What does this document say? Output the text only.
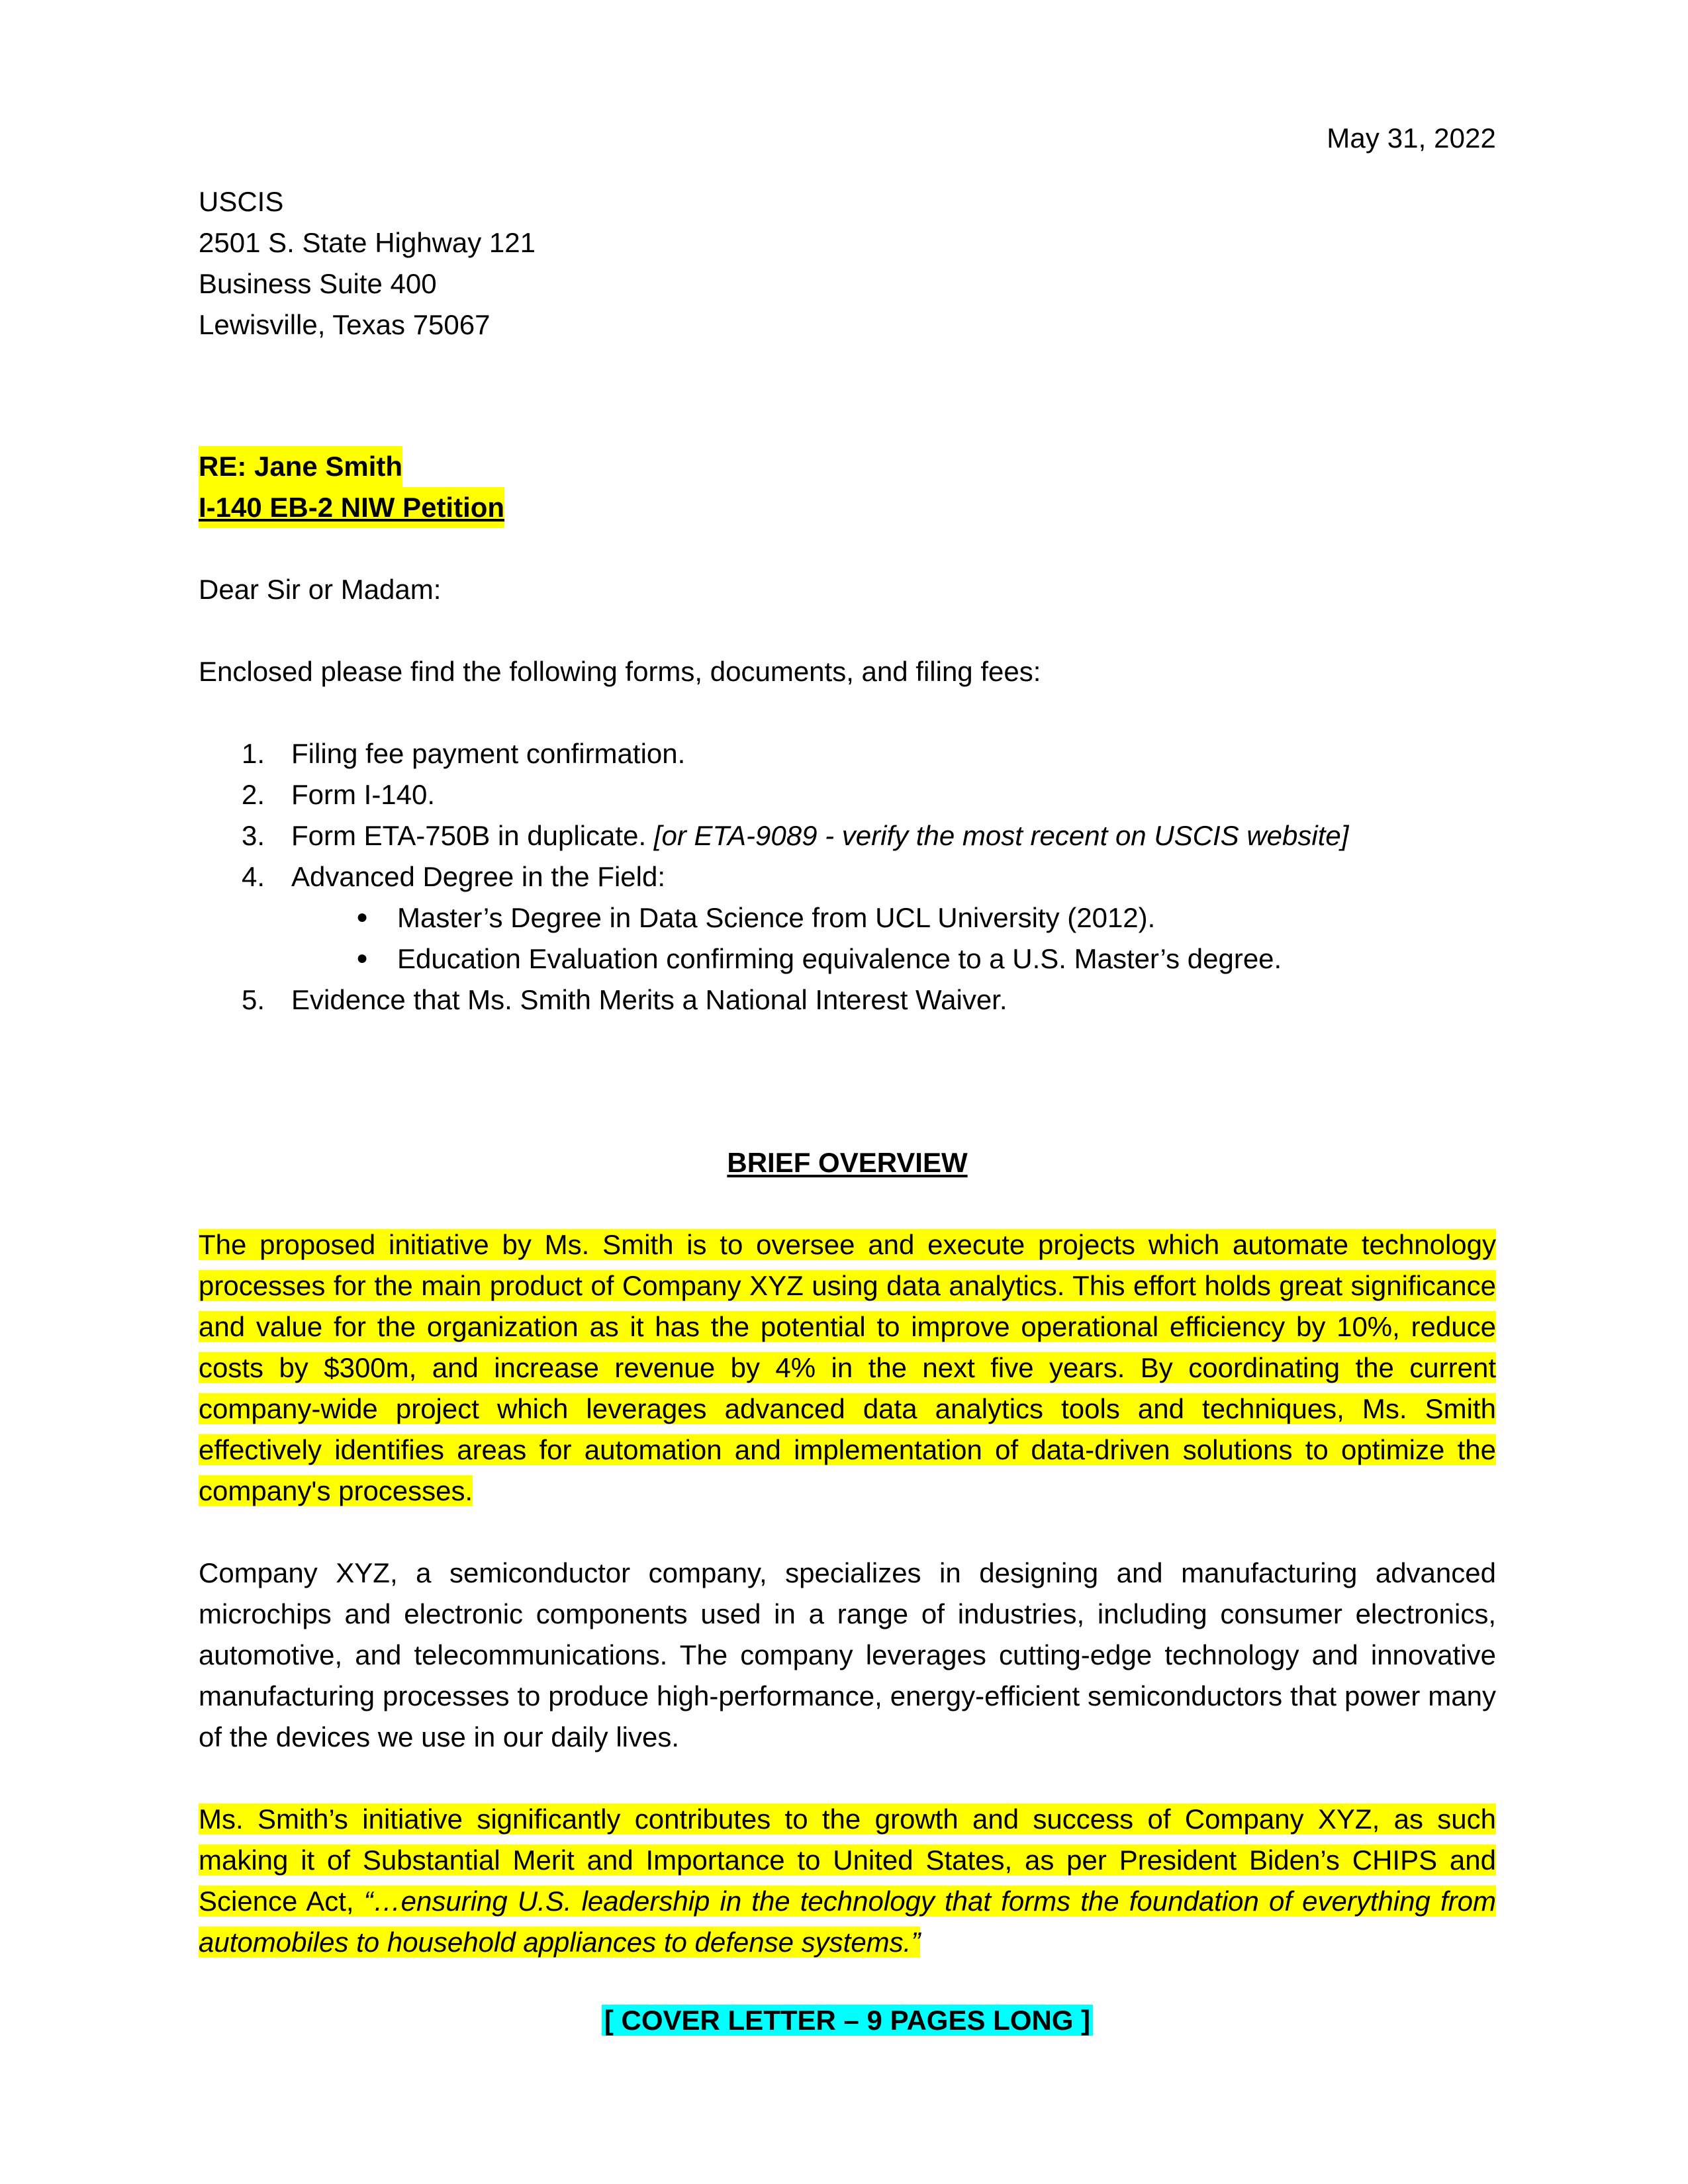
May 31, 2022
USCIS
2501 S. State Highway 121
Business Suite 400
Lewisville, Texas 75067
RE: Jane Smith
I-140 EB-2 NIW Petition
Dear Sir or Madam:
Enclosed please find the following forms, documents, and filing fees:
Filing fee payment confirmation.
Form I-140.
Form ETA-750B in duplicate. [or ETA-9089 - verify the most recent on USCIS website]
Advanced Degree in the Field:
● Master’s Degree in Data Science from UCL University (2012).
● Education Evaluation confirming equivalence to a U.S. Master’s degree.
Evidence that Ms. Smith Merits a National Interest Waiver.
BRIEF OVERVIEW

The proposed initiative by Ms. Smith is to oversee and execute projects which automate technology processes for the main product of Company XYZ using data analytics. This effort holds great significance and value for the organization as it has the potential to improve operational efficiency by 10%, reduce costs by $300m, and increase revenue by 4% in the next five years. By coordinating the current company-wide project which leverages advanced data analytics tools and techniques, Ms. Smith effectively identifies areas for automation and implementation of data-driven solutions to optimize the company's processes.

Company XYZ, a semiconductor company, specializes in designing and manufacturing advanced microchips and electronic components used in a range of industries, including consumer electronics, automotive, and telecommunications. The company leverages cutting-edge technology and innovative manufacturing processes to produce high-performance, energy-efficient semiconductors that power many of the devices we use in our daily lives.

Ms. Smith’s initiative significantly contributes to the growth and success of Company XYZ, as such making it of Substantial Merit and Importance to United States, as per President Biden’s CHIPS and Science Act, “…ensuring U.S. leadership in the technology that forms the foundation of everything from automobiles to household appliances to defense systems.”

[ COVER LETTER – 9 PAGES LONG ]
